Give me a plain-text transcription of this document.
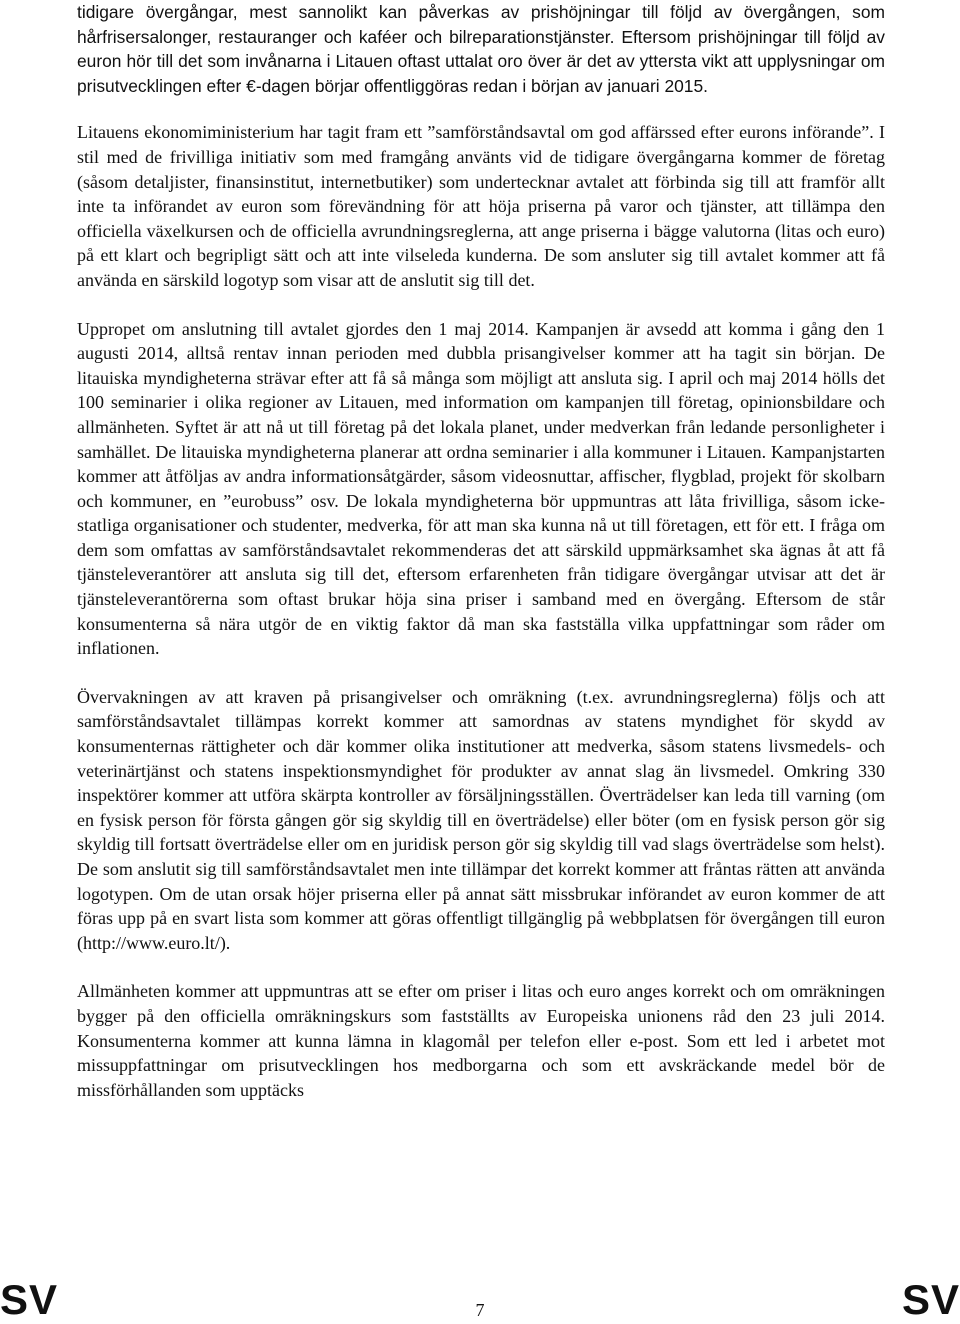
tidigare övergångar, mest sannolikt kan påverkas av prishöjningar till följd av övergången, som hårfrisersalonger, restauranger och kaféer och bilreparationstjänster. Eftersom prishöjningar till följd av euron hör till det som invånarna i Litauen oftast uttalat oro över är det av yttersta vikt att upplysningar om prisutvecklingen efter €-dagen börjar offentliggöras redan i början av januari 2015.

Litauens ekonomiministerium har tagit fram ett ”samförståndsavtal om god affärssed efter eurons införande”. I stil med de frivilliga initiativ som med framgång använts vid de tidigare övergångarna kommer de företag (såsom detaljister, finansinstitut, internetbutiker) som undertecknar avtalet att förbinda sig till att framför allt inte ta införandet av euron som förevändning för att höja priserna på varor och tjänster, att tillämpa den officiella växelkursen och de officiella avrundningsreglerna, att ange priserna i bägge valutorna (litas och euro) på ett klart och begripligt sätt och att inte vilseleda kunderna. De som ansluter sig till avtalet kommer att få använda en särskild logotyp som visar att de anslutit sig till det.

Uppropet om anslutning till avtalet gjordes den 1 maj 2014. Kampanjen är avsedd att komma i gång den 1 augusti 2014, alltså rentav innan perioden med dubbla prisangivelser kommer att ha tagit sin början. De litauiska myndigheterna strävar efter att få så många som möjligt att ansluta sig. I april och maj 2014 hölls det 100 seminarier i olika regioner av Litauen, med information om kampanjen till företag, opinionsbildare och allmänheten. Syftet är att nå ut till företag på det lokala planet, under medverkan från ledande personligheter i samhället. De litauiska myndigheterna planerar att ordna seminarier i alla kommuner i Litauen. Kampanjstarten kommer att åtföljas av andra informationsåtgärder, såsom videosnuttar, affischer, flygblad, projekt för skolbarn och kommuner, en ”eurobuss” osv. De lokala myndigheterna bör uppmuntras att låta frivilliga, såsom icke-statliga organisationer och studenter, medverka, för att man ska kunna nå ut till företagen, ett för ett. I fråga om dem som omfattas av samförståndsavtalet rekommenderas det att särskild uppmärksamhet ska ägnas åt att få tjänsteleverantörer att ansluta sig till det, eftersom erfarenheten från tidigare övergångar utvisar att det är tjänsteleverantörerna som oftast brukar höja sina priser i samband med en övergång. Eftersom de står konsumenterna så nära utgör de en viktig faktor då man ska fastställa vilka uppfattningar som råder om inflationen.

Övervakningen av att kraven på prisangivelser och omräkning (t.ex. avrundningsreglerna) följs och att samförståndsavtalet tillämpas korrekt kommer att samordnas av statens myndighet för skydd av konsumenternas rättigheter och där kommer olika institutioner att medverka, såsom statens livsmedels- och veterinärtjänst och statens inspektionsmyndighet för produkter av annat slag än livsmedel. Omkring 330 inspektörer kommer att utföra skärpta kontroller av försäljningsställen. Överträdelser kan leda till varning (om en fysisk person för första gången gör sig skyldig till en överträdelse) eller böter (om en fysisk person gör sig skyldig till fortsatt överträdelse eller om en juridisk person gör sig skyldig till vad slags överträdelse som helst). De som anslutit sig till samförståndsavtalet men inte tillämpar det korrekt kommer att fråntas rätten att använda logotypen. Om de utan orsak höjer priserna eller på annat sätt missbrukar införandet av euron kommer de att föras upp på en svart lista som kommer att göras offentligt tillgänglig på webbplatsen för övergången till euron (http://www.euro.lt/).

Allmänheten kommer att uppmuntras att se efter om priser i litas och euro anges korrekt och om omräkningen bygger på den officiella omräkningskurs som fastställts av Europeiska unionens råd den 23 juli 2014. Konsumenterna kommer att kunna lämna in klagomål per telefon eller e-post. Som ett led i arbetet mot missuppfattningar om prisutvecklingen hos medborgarna och som ett avskräckande medel bör de missförhållanden som upptäcks

SV	7	SV
